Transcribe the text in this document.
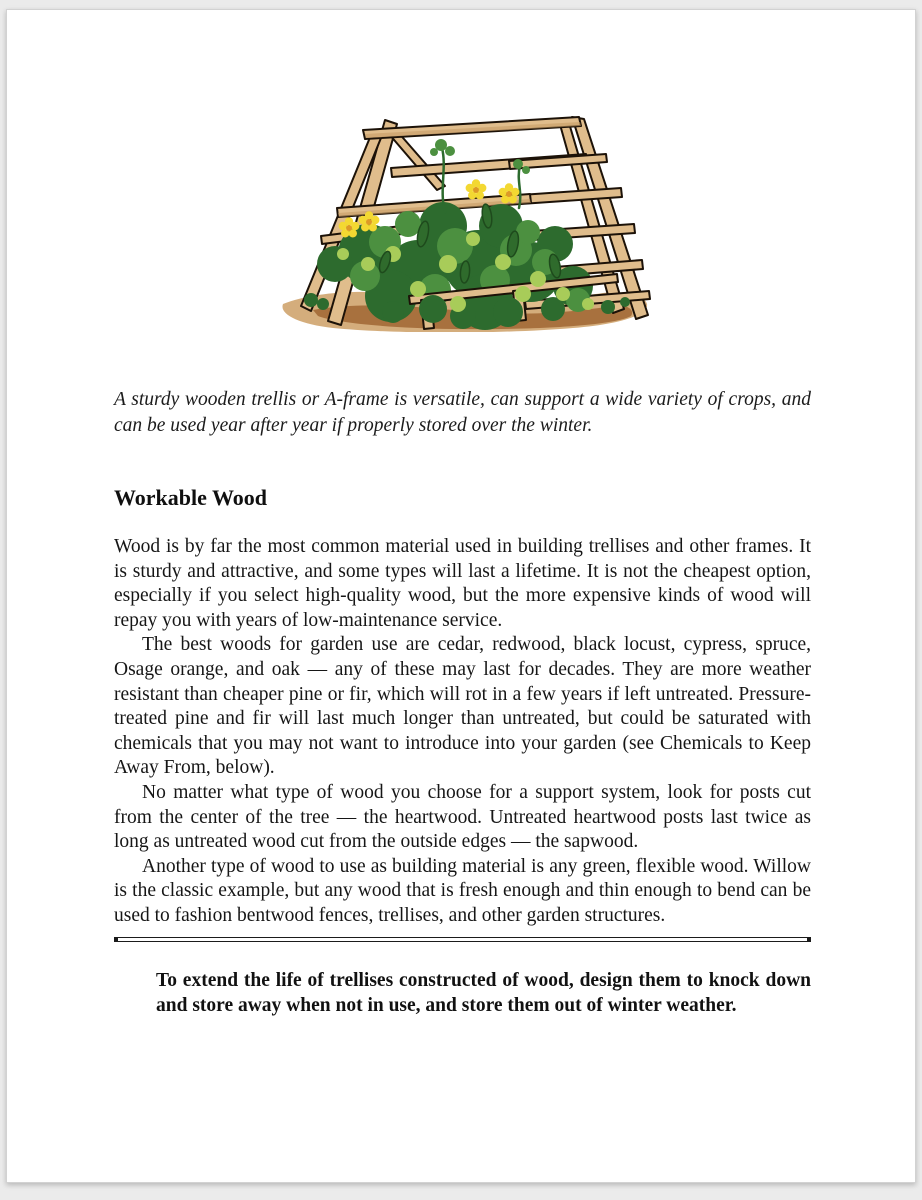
A sturdy wooden trellis or A-frame is versatile, can support a wide variety of crops, and can be used year after year if properly stored over the winter.

Workable Wood

Wood is by far the most common material used in building trellises and other frames. It is sturdy and attractive, and some types will last a lifetime. It is not the cheapest option, especially if you select high-quality wood, but the more expensive kinds of wood will repay you with years of low-maintenance service.

The best woods for garden use are cedar, redwood, black locust, cypress, spruce, Osage orange, and oak — any of these may last for decades. They are more weather resistant than cheaper pine or fir, which will rot in a few years if left untreated. Pressure-treated pine and fir will last much longer than untreated, but could be saturated with chemicals that you may not want to introduce into your garden (see Chemicals to Keep Away From, below).

No matter what type of wood you choose for a support system, look for posts cut from the center of the tree — the heartwood. Untreated heartwood posts last twice as long as untreated wood cut from the outside edges — the sapwood.

Another type of wood to use as building material is any green, flexible wood. Willow is the classic example, but any wood that is fresh enough and thin enough to bend can be used to fashion bentwood fences, trellises, and other garden structures.

To extend the life of trellises constructed of wood, design them to knock down and store away when not in use, and store them out of winter weather.
